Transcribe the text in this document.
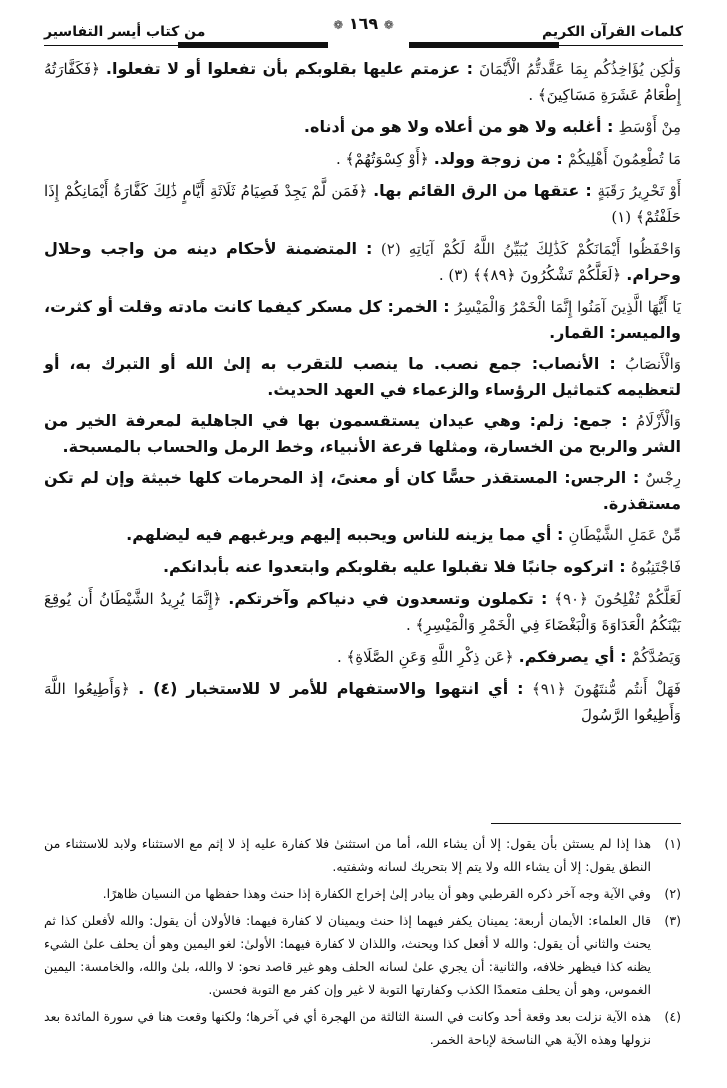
كلمات القرآن الكريم
❁ ١٦٩ ❁
من كتاب أيسر التفاسير

وَلَٰكِن يُؤَاخِذُكُم بِمَا عَقَّدتُّمُ الْأَيْمَانَ : عزمتم عليها بقلوبكم بأن تفعلوا أو لا تفعلوا. ﴿فَكَفَّارَتُهُ إِطْعَامُ عَشَرَةِ مَسَاكِينَ﴾ .

مِنْ أَوْسَطِ : أغلبه ولا هو من أعلاه ولا هو من أدناه.

مَا تُطْعِمُونَ أَهْلِيكُمْ : من زوجة وولد. ﴿أَوْ كِسْوَتُهُمْ﴾ .

أَوْ تَحْرِيرُ رَقَبَةٍ : عتقها من الرق القائم بها. ﴿فَمَن لَّمْ يَجِدْ فَصِيَامُ ثَلَاثَةِ أَيَّامٍ ذَٰلِكَ كَفَّارَةُ أَيْمَانِكُمْ إِذَا حَلَفْتُمْ﴾ (١)

وَاحْفَظُوا أَيْمَانَكُمْ كَذَٰلِكَ يُبَيِّنُ اللَّهُ لَكُمْ آيَاتِهِ (٢) : المتضمنة لأحكام دينه من واجب وحلال وحرام. ﴿لَعَلَّكُمْ تَشْكُرُونَ ﴿٨٩﴾﴾ (٣) .

يَا أَيُّهَا الَّذِينَ آمَنُوا إِنَّمَا الْخَمْرُ وَالْمَيْسِرُ : الخمر: كل مسكر كيفما كانت مادته وقلت أو كثرت، والميسر: القمار.

وَالْأَنصَابُ : الأنصاب: جمع نصب. ما ينصب للتقرب به إلىٰ الله أو التبرك به، أو لتعظيمه كتماثيل الرؤساء والزعماء في العهد الحديث.

وَالْأَزْلَامُ : جمع: زلم: وهي عيدان يستقسمون بها في الجاهلية لمعرفة الخير من الشر والربح من الخسارة، ومثلها قرعة الأنبياء، وخط الرمل والحساب بالمسبحة.

رِجْسٌ : الرجس: المستقذر حسًّا كان أو معنىً، إذ المحرمات كلها خبيثة وإن لم تكن مستقذرة.

مِّنْ عَمَلِ الشَّيْطَانِ : أي مما يزينه للناس ويحببه إليهم ويرغبهم فيه ليضلهم.

فَاجْتَنِبُوهُ : اتركوه جانبًا فلا تقبلوا عليه بقلوبكم وابتعدوا عنه بأبدانكم.

لَعَلَّكُمْ تُفْلِحُونَ ﴿٩٠﴾ : تكملون وتسعدون في دنياكم وآخرتكم. ﴿إِنَّمَا يُرِيدُ الشَّيْطَانُ أَن يُوقِعَ بَيْنَكُمُ الْعَدَاوَةَ وَالْبَغْضَاءَ فِي الْخَمْرِ وَالْمَيْسِرِ﴾ .

وَيَصُدَّكُمْ : أي يصرفكم. ﴿عَن ذِكْرِ اللَّهِ وَعَنِ الصَّلَاةِ﴾ .

فَهَلْ أَنتُم مُّنتَهُونَ ﴿٩١﴾ : أي انتهوا والاستفهام للأمر لا للاستخبار (٤) . ﴿وَأَطِيعُوا اللَّهَ وَأَطِيعُوا الرَّسُولَ

(١)
هذا إذا لم يستثن بأن يقول: إلا أن يشاء الله، أما من استثنىٰ فلا كفارة عليه إذ لا إثم مع الاستثناء ولابد للاستثناء من النطق يقول: إلا أن يشاء الله ولا يتم إلا بتحريك لسانه وشفتيه.
(٢)
وفي الآية وجه آخر ذكره القرطبي وهو أن يبادر إلىٰ إخراج الكفارة إذا حنث وهذا حفظها من النسيان ظاهرًا.
(٣)
قال العلماء: الأيمان أربعة: يمينان يكفر فيهما إذا حنث ويمينان لا كفارة فيهما: فالأولان أن يقول: والله لأفعلن كذا ثم يحنث والثاني أن يقول: والله لا أفعل كذا ويحنث، واللذان لا كفارة فيهما: الأولىٰ: لغو اليمين وهو أن يحلف علىٰ الشيء يظنه كذا فيظهر خلافه، والثانية: أن يجري علىٰ لسانه الحلف وهو غير قاصد نحو: لا والله، بلىٰ والله، والخامسة: اليمين الغموس، وهو أن يحلف متعمدًا الكذب وكفارتها التوبة لا غير وإن كفر مع التوبة فحسن.
(٤)
هذه الآية نزلت بعد وقعة أحد وكانت في السنة الثالثة من الهجرة أي في آخرها؛ ولكنها وقعت هنا في سورة المائدة بعد نزولها وهذه الآية هي الناسخة لإباحة الخمر.
